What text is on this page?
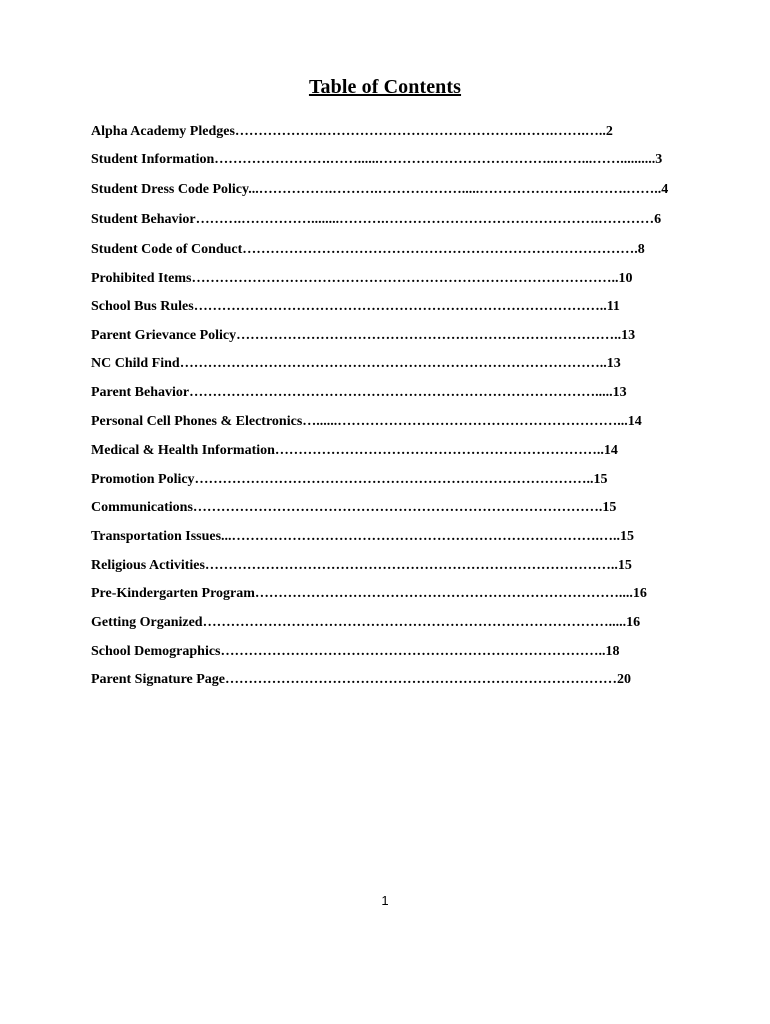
Table of Contents
Alpha Academy Pledges……………….…………………………………….…….…….…..2
Student Information…………………….……......………………………………..……...……..........3
Student Dress Code Policy...…………….……….……………….....………………….……….……..4
Student Behavior……….……………........……….……………………………………….…………6
Student Code of Conduct………………………………………………………………………….8
Prohibited Items………………………………………………………………………………..10
School Bus Rules……………………………………………………………………………..11
Parent Grievance Policy………………………………………………………………………..13
NC Child Find………………………………………………………………………………..13
Parent Behavior…………………………………………………………………………….....13
Personal Cell Phones & Electronics…......……………………………………………………...14
Medical & Health Information……………………………………………………………..14
Promotion Policy…………………………………………………………………………..15
Communications…………………………………………………………………………….15
Transportation Issues...…………………………………………………………………….…..15
Religious Activities……………………………………………………………………………..15
Pre-Kindergarten Program……………………………………………………………………....16
Getting Organized…………………………………………………………………………….....16
School Demographics………………………………………………………………………..18
Parent Signature Page…………………………………………………………………………20
1
